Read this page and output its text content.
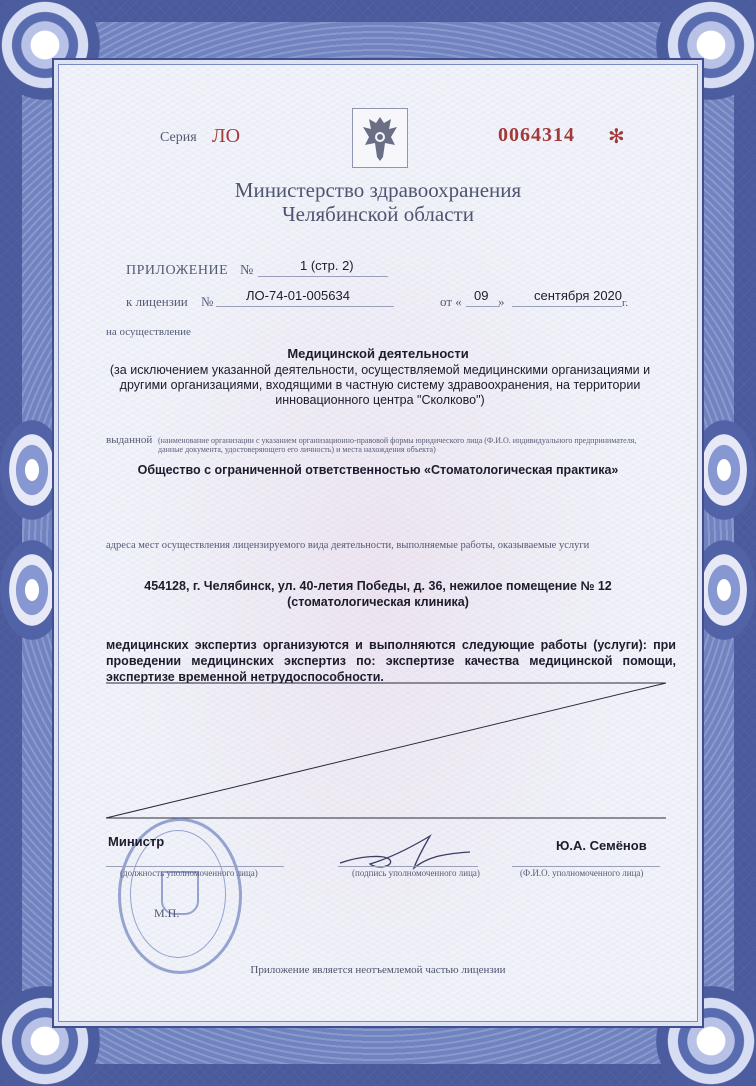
Серия ЛО	0064314 ✻
Министерство здравоохранения
Челябинской области
ПРИЛОЖЕНИЕ №	1 (стр. 2)
к лицензии №	ЛО-74-01-005634	от « 09 » сентября 2020 г.
на осуществление
Медицинской деятельности
(за исключением указанной деятельности, осуществляемой медицинскими организациями и другими организациями, входящими в частную систему здравоохранения, на территории инновационного центра "Сколково")
выданной (наименование организации с указанием организационно-правовой формы юридического лица (Ф.И.О. индивидуального предпринимателя, данные документа, удостоверяющего его личность) и места нахождения объекта)
Общество с ограниченной ответственностью «Стоматологическая практика»
адреса мест осуществления лицензируемого вида деятельности, выполняемые работы, оказываемые услуги
454128, г. Челябинск, ул. 40-летия Победы, д. 36, нежилое помещение № 12
(стоматологическая клиника)
медицинских экспертиз организуются и выполняются следующие работы (услуги): при проведении медицинских экспертиз по: экспертизе качества медицинской помощи, экспертизе временной нетрудоспособности.
Министр
(должность уполномоченного лица)	(подпись уполномоченного лица)
Ю.А. Семёнов
(Ф.И.О. уполномоченного лица)
М.П.
Приложение является неотъемлемой частью лицензии
